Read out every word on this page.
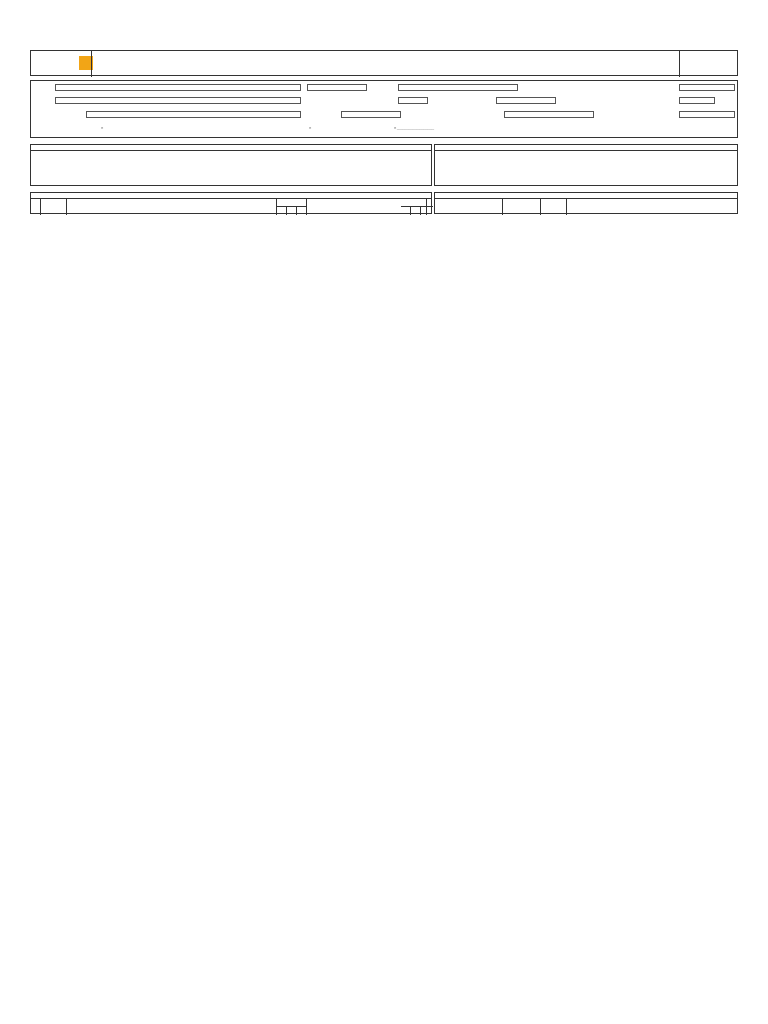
☐	☐	☐ ____________________________
